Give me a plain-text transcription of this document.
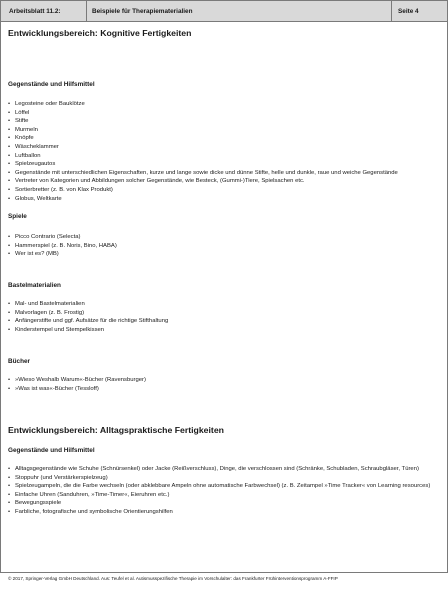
Arbeitsblatt 11.2:	Beispiele für Therapiematerialien	Seite 4
Entwicklungsbereich: Kognitive Fertigkeiten
Gegenstände und Hilfsmittel
• Legosteine oder Bauklötze
• Löffel
• Stifte
• Murmeln
• Knöpfe
• Wäscheklammer
• Luftballon
• Spielzeugautos
• Gegenstände mit unterschiedlichen Eigenschaften, kurze und lange sowie dicke und dünne Stifte, helle und dunkle, raue und weiche Gegenstände
• Vertreter von Kategorien und Abbildungen solcher Gegenstände, wie Besteck, (Gummi-)Tiere, Spielsachen etc.
• Sortierbretter (z. B. von Klax Produkt)
• Globus, Weltkarte
Spiele
• Picco Contrario (Selecta)
• Hammerspiel (z. B. Noris, Bino, HABA)
• Wer ist es? (MB)
Bastelmaterialien
• Mal- und Bastelmaterialien
• Malvorlagen (z. B. Frostig)
• Anfängerstifte und ggf. Aufsätze für die richtige Stifthaltung
• Kinderstempel und Stempelkissen
Bücher
• »Wieso Weshalb Warum«-Bücher (Ravensburger)
• »Was ist was«-Bücher (Tessloff)
Entwicklungsbereich: Alltagspraktische Fertigkeiten
Gegenstände und Hilfsmittel
• Alltagsgegenstände wie Schuhe (Schnürsenkel) oder Jacke (Reißverschluss), Dinge, die verschlossen sind (Schränke, Schubladen, Schraubgläser, Türen)
• Stoppuhr (und Verstärkerspielzeug)
• Spielzeugampeln, die die Farbe wechseln (oder abklebbare Ampeln ohne automatische Farbwechsel) (z. B. Zeitampel »Time Tracker« von Learning resources)
• Einfache Uhren (Sanduhren, »Time-Timer«, Eieruhren etc.)
• Bewegungsspiele
• Farbliche, fotografische und symbolische Orientierungshilfen
© 2017, Springer-Verlag GmbH Deutschland. Aus: Teufel et al. Autismusspezifische Therapie im Vorschulalter: das Frankfurter Frühinterventionsprogramm A-FFIP
